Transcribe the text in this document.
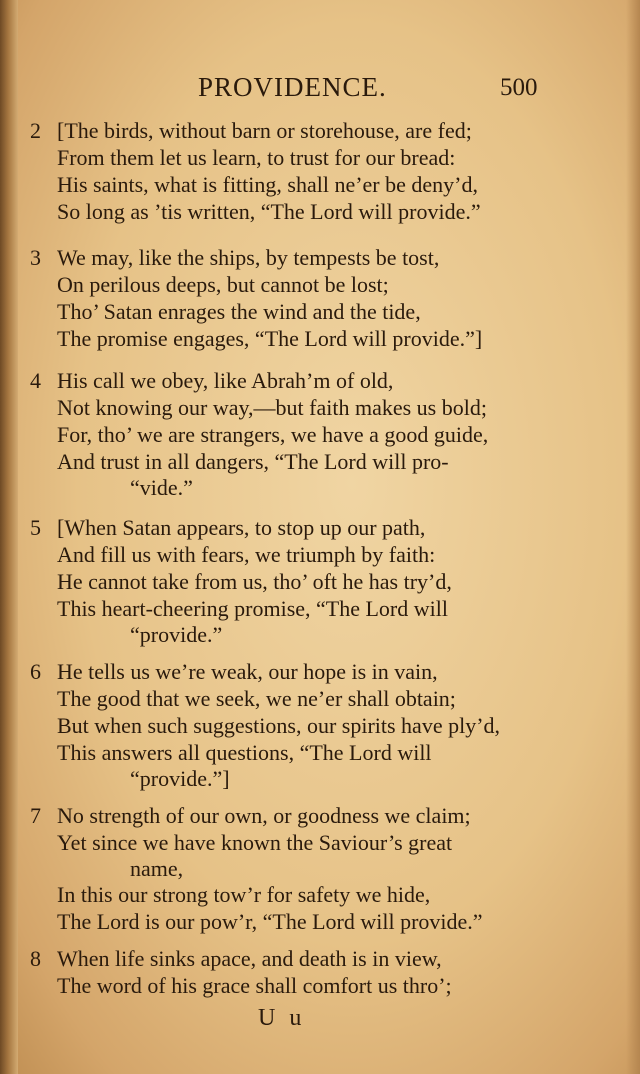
PROVIDENCE.	500
2 [The birds, without barn or storehouse, are fed;
From them let us learn, to trust for our bread:
His saints, what is fitting, shall ne’er be deny’d,
So long as ’tis written, “The Lord will provide.”
3 We may, like the ships, by tempests be tost,
On perilous deeps, but cannot be lost;
Tho’ Satan enrages the wind and the tide,
The promise engages, “The Lord will provide.”]
4 His call we obey, like Abrah’m of old,
Not knowing our way,—but faith makes us bold;
For, tho’ we are strangers, we have a good guide,
And trust in all dangers, “The Lord will pro-
“vide.”
5 [When Satan appears, to stop up our path,
And fill us with fears, we triumph by faith:
He cannot take from us, tho’ oft he has try’d,
This heart-cheering promise, “The Lord will
“provide.”
6 He tells us we’re weak, our hope is in vain,
The good that we seek, we ne’er shall obtain;
But when such suggestions, our spirits have ply’d,
This answers all questions, “The Lord will
“provide.”]
7 No strength of our own, or goodness we claim;
Yet since we have known the Saviour’s great
name,
In this our strong tow’r for safety we hide,
The Lord is our pow’r, “The Lord will provide.”
8 When life sinks apace, and death is in view,
The word of his grace shall comfort us thro’;
U u
